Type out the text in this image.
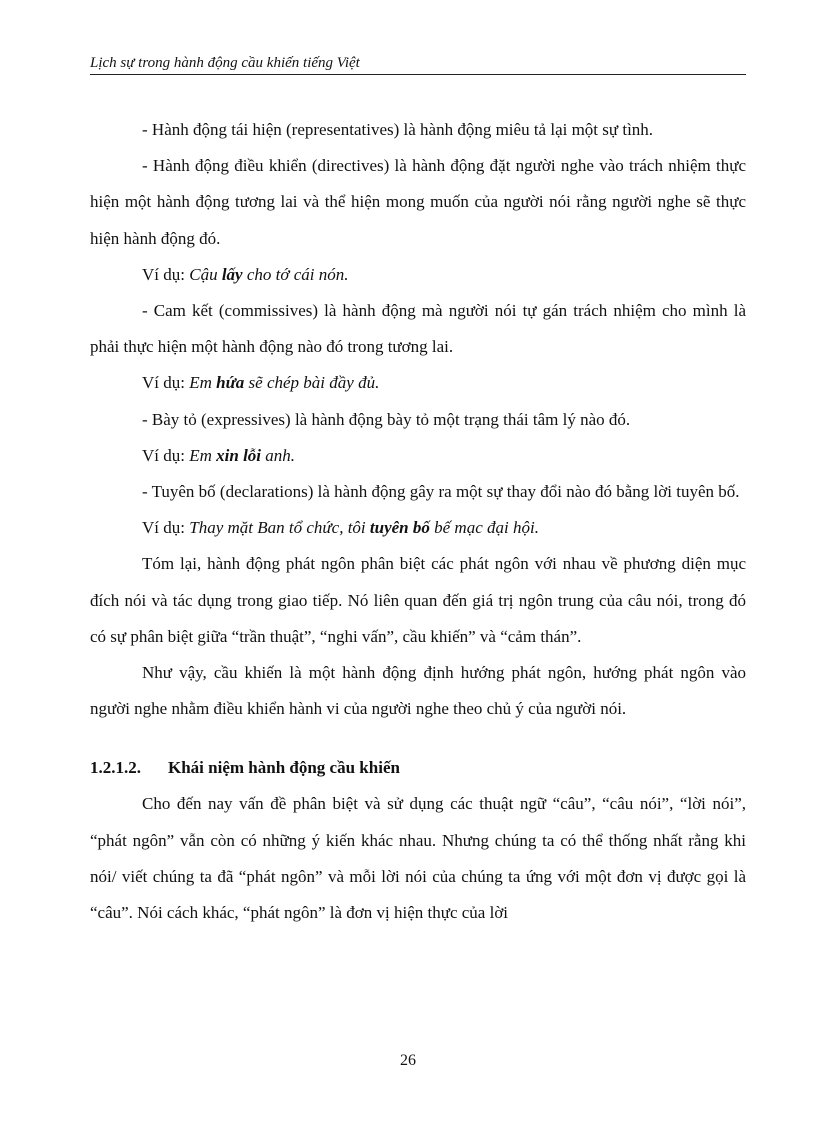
Lịch sự trong hành động cầu khiến tiếng Việt

- Hành động tái hiện (representatives) là hành động miêu tả lại một sự tình.

- Hành động điều khiển (directives) là hành động đặt người nghe vào trách nhiệm thực hiện một hành động tương lai và thể hiện mong muốn của người nói rằng người nghe sẽ thực hiện hành động đó.

Ví dụ: Cậu lấy cho tớ cái nón.

- Cam kết (commissives) là hành động mà người nói tự gán trách nhiệm cho mình là phải thực hiện một hành động nào đó trong tương lai.

Ví dụ: Em hứa sẽ chép bài đầy đủ.

- Bày tỏ (expressives) là hành động bày tỏ một trạng thái tâm lý nào đó.

Ví dụ: Em xin lỗi anh.

- Tuyên bố (declarations) là hành động gây ra một sự thay đổi nào đó bằng lời tuyên bố.

Ví dụ: Thay mặt Ban tổ chức, tôi tuyên bố bế mạc đại hội.

Tóm lại, hành động phát ngôn phân biệt các phát ngôn với nhau về phương diện mục đích nói và tác dụng trong giao tiếp. Nó liên quan đến giá trị ngôn trung của câu nói, trong đó có sự phân biệt giữa “trần thuật”, “nghi vấn”, cầu khiến” và “cảm thán”.

Như vậy, cầu khiến là một hành động định hướng phát ngôn, hướng phát ngôn vào người nghe nhằm điều khiển hành vi của người nghe theo chủ ý của người nói.

1.2.1.2. Khái niệm hành động cầu khiến

Cho đến nay vấn đề phân biệt và sử dụng các thuật ngữ “câu”, “câu nói”, “lời nói”, “phát ngôn” vẫn còn có những ý kiến khác nhau. Nhưng chúng ta có thể thống nhất rằng khi nói/ viết chúng ta đã “phát ngôn” và mỗi lời nói của chúng ta ứng với một đơn vị được gọi là “câu”. Nói cách khác, “phát ngôn” là đơn vị hiện thực của lời

26
